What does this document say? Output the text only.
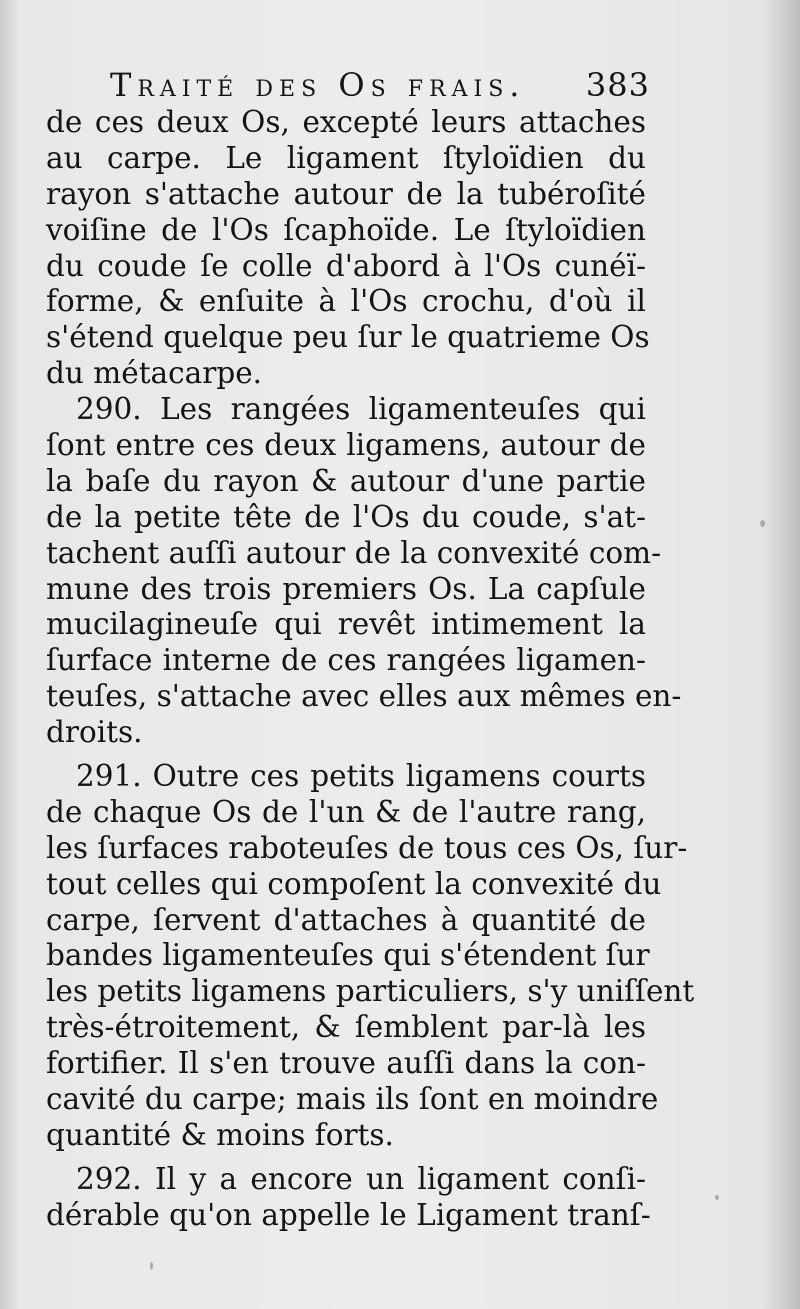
Traité des Os frais. 383
de ces deux Os, excepté leurs attaches
au carpe. Le ligament ſtyloïdien du
rayon s'attache autour de la tubéroſité
voiſine de l'Os ſcaphoïde. Le ſtyloïdien
du coude ſe colle d'abord à l'Os cunéï-
forme, & enſuite à l'Os crochu, d'où il
s'étend quelque peu ſur le quatrieme Os
du métacarpe.
290. Les rangées ligamenteuſes qui
ſont entre ces deux ligamens, autour de
la baſe du rayon & autour d'une partie
de la petite tête de l'Os du coude, s'at-
tachent auſſi autour de la convexité com-
mune des trois premiers Os. La capſule
mucilagineuſe qui revêt intimement la
ſurface interne de ces rangées ligamen-
teuſes, s'attache avec elles aux mêmes en-
droits.
291. Outre ces petits ligamens courts
de chaque Os de l'un & de l'autre rang,
les ſurfaces raboteuſes de tous ces Os, ſur-
tout celles qui compoſent la convexité du
carpe, ſervent d'attaches à quantité de
bandes ligamenteuſes qui s'étendent ſur
les petits ligamens particuliers, s'y uniſſent
très-étroitement, & ſemblent par-là les
fortifier. Il s'en trouve auſſi dans la con-
cavité du carpe; mais ils ſont en moindre
quantité & moins forts.
292. Il y a encore un ligament conſi-
dérable qu'on appelle le Ligament tranſ-
